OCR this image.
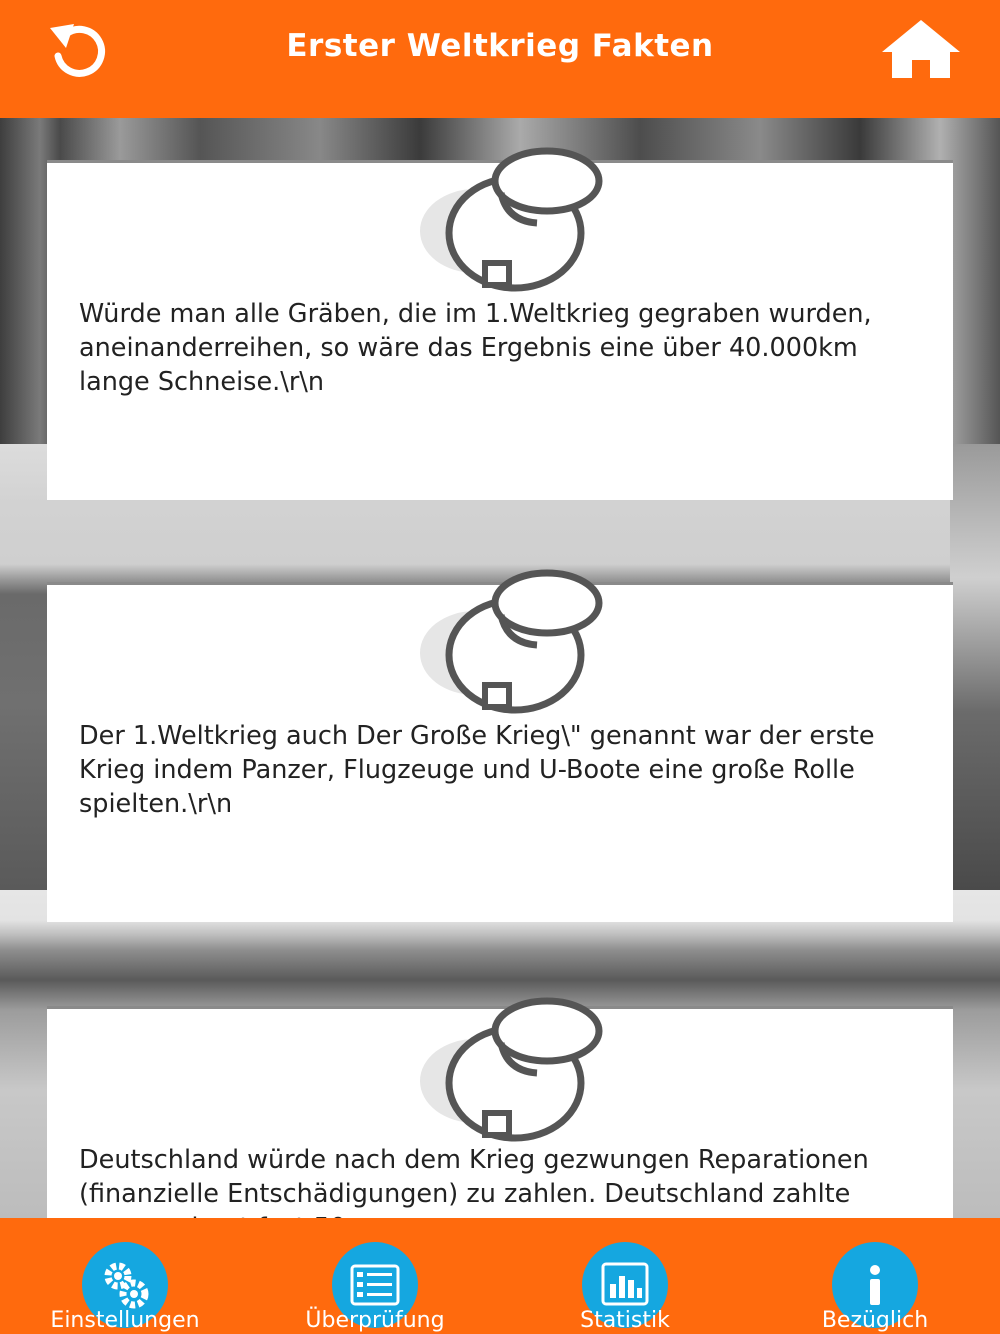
Erster Weltkrieg Fakten
Würde man alle Gräben, die im 1.Weltkrieg gegraben wurden, aneinanderreihen, so wäre das Ergebnis eine über 40.000km lange Schneise.\r\n
Der 1.Weltkrieg auch Der Große Krieg\" genannt war der erste Krieg indem Panzer, Flugzeuge und U-Boote eine große Rolle spielten.\r\n
Deutschland würde nach dem Krieg gezwungen Reparationen (finanzielle Entschädigungen) zu zahlen. Deutschland zahlte
Einstellungen	Überprüfung	Statistik	Bezüglich
